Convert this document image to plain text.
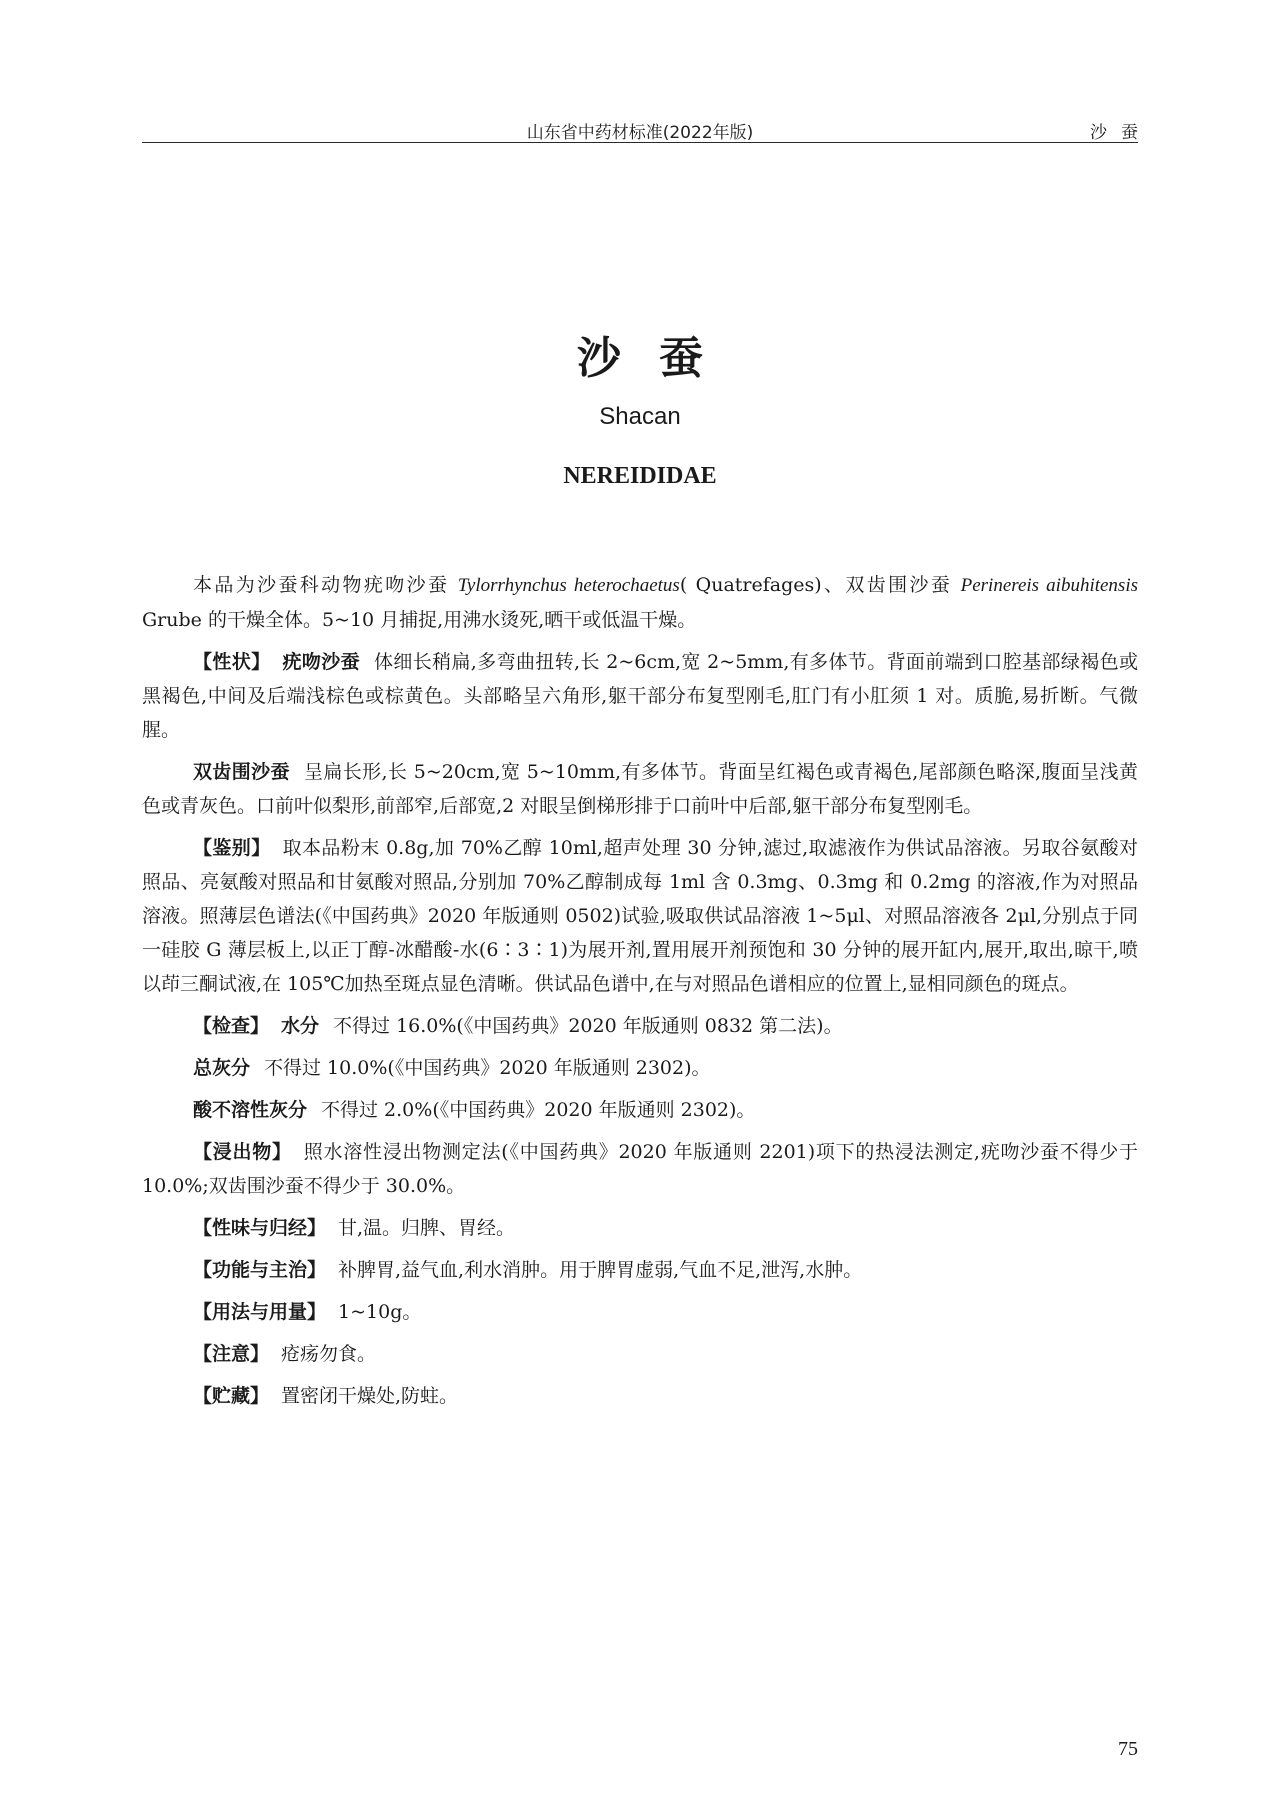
山东省中药材标准(2022年版)	沙蚕
沙蚕
Shacan
NEREIDIDAE

本品为沙蚕科动物疣吻沙蚕 Tylorrhynchus heterochaetus( Quatrefages)、双齿围沙蚕 Perinereis aibuhitensis Grube 的干燥全体。5~10 月捕捉,用沸水烫死,晒干或低温干燥。

【性状】 疣吻沙蚕 体细长稍扁,多弯曲扭转,长 2~6cm,宽 2~5mm,有多体节。背面前端到口腔基部绿褐色或黑褐色,中间及后端浅棕色或棕黄色。头部略呈六角形,躯干部分布复型刚毛,肛门有小肛须 1 对。质脆,易折断。气微腥。

双齿围沙蚕 呈扁长形,长 5~20cm,宽 5~10mm,有多体节。背面呈红褐色或青褐色,尾部颜色略深,腹面呈浅黄色或青灰色。口前叶似梨形,前部窄,后部宽,2 对眼呈倒梯形排于口前叶中后部,躯干部分布复型刚毛。

【鉴别】 取本品粉末 0.8g,加 70%乙醇 10ml,超声处理 30 分钟,滤过,取滤液作为供试品溶液。另取谷氨酸对照品、亮氨酸对照品和甘氨酸对照品,分别加 70%乙醇制成每 1ml 含 0.3mg、0.3mg 和 0.2mg 的溶液,作为对照品溶液。照薄层色谱法(《中国药典》2020 年版通则 0502)试验,吸取供试品溶液 1~5μl、对照品溶液各 2μl,分别点于同一硅胶 G 薄层板上,以正丁醇-冰醋酸-水(6∶3∶1)为展开剂,置用展开剂预饱和 30 分钟的展开缸内,展开,取出,晾干,喷以茚三酮试液,在 105℃加热至斑点显色清晰。供试品色谱中,在与对照品色谱相应的位置上,显相同颜色的斑点。

【检查】 水分 不得过 16.0%(《中国药典》2020 年版通则 0832 第二法)。

总灰分 不得过 10.0%(《中国药典》2020 年版通则 2302)。

酸不溶性灰分 不得过 2.0%(《中国药典》2020 年版通则 2302)。

【浸出物】 照水溶性浸出物测定法(《中国药典》2020 年版通则 2201)项下的热浸法测定,疣吻沙蚕不得少于 10.0%;双齿围沙蚕不得少于 30.0%。

【性味与归经】 甘,温。归脾、胃经。

【功能与主治】 补脾胃,益气血,利水消肿。用于脾胃虚弱,气血不足,泄泻,水肿。

【用法与用量】 1~10g。

【注意】 疮疡勿食。

【贮藏】 置密闭干燥处,防蛀。

75
